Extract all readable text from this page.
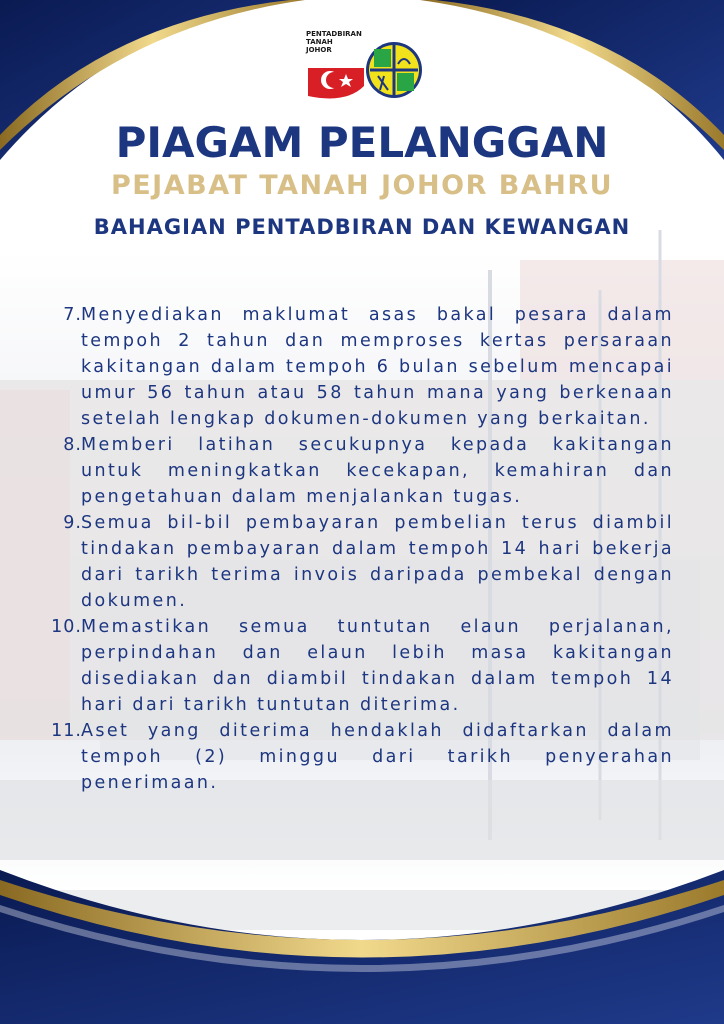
PENTADBIRAN
TANAH
JOHOR
PIAGAM PELANGGAN
PEJABAT TANAH JOHOR BAHRU
BAHAGIAN PENTADBIRAN DAN KEWANGAN
7. Menyediakan maklumat asas bakal pesara dalam tempoh 2 tahun dan memproses kertas persaraan kakitangan dalam tempoh 6 bulan sebelum mencapai umur 56 tahun atau 58 tahun mana yang berkenaan setelah lengkap dokumen-dokumen yang berkaitan.
8. Memberi latihan secukupnya kepada kakitangan untuk meningkatkan kecekapan, kemahiran dan pengetahuan dalam menjalankan tugas.
9. Semua bil-bil pembayaran pembelian terus diambil tindakan pembayaran dalam tempoh 14 hari bekerja dari tarikh terima invois daripada pembekal dengan dokumen.
10. Memastikan semua tuntutan elaun perjalanan, perpindahan dan elaun lebih masa kakitangan disediakan dan diambil tindakan dalam tempoh 14 hari dari tarikh tuntutan diterima.
11. Aset yang diterima hendaklah didaftarkan dalam tempoh (2) minggu dari tarikh penyerahan penerimaan.
